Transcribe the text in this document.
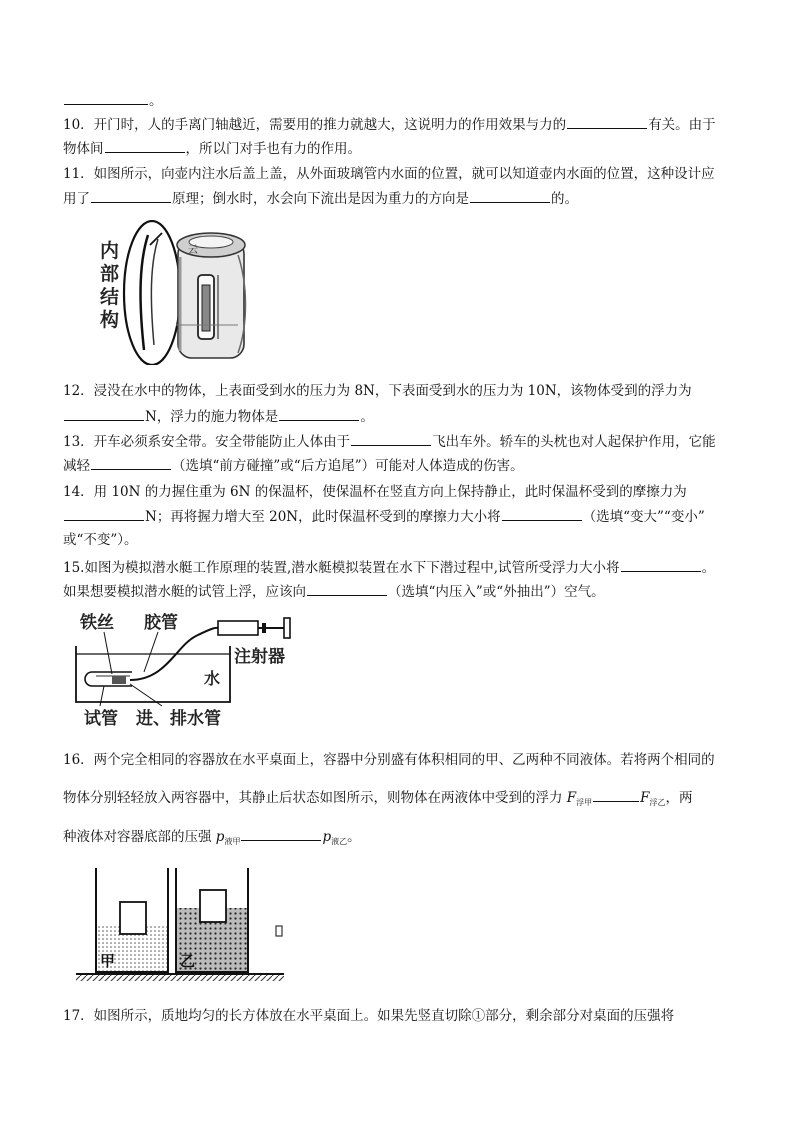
。
10．开门时，人的手离门轴越近，需要用的推力就越大，这说明力的作用效果与力的	有关。由于
物体间	，所以门对手也有力的作用。
11．如图所示，向壶内注水后盖上盖，从外面玻璃管内水面的位置，就可以知道壶内水面的位置，这种设计应
用了	原理；倒水时，水会向下流出是因为重力的方向是	的。
内
部
结
构
云
12．浸没在水中的物体，上表面受到水的压力为 8N，下表面受到水的压力为 10N，该物体受到的浮力为
N，浮力的施力物体是	。
13．开车必须系安全带。安全带能防止人体由于	飞出车外。轿车的头枕也对人起保护作用，它能
减轻	（选填“前方碰撞”或“后方追尾”）可能对人体造成的伤害。
14．用 10N 的力握住重为 6N 的保温杯，使保温杯在竖直方向上保持静止，此时保温杯受到的摩擦力为
N；再将握力增大至 20N，此时保温杯受到的摩擦力大小将	（选填“变大”“变小”
或“不变”）。
15.如图为模拟潜水艇工作原理的装置,潜水艇模拟装置在水下下潜过程中,试管所受浮力大小将	。
如果想要模拟潜水艇的试管上浮，应该向	（选填“内压入”或“外抽出”）空气。
铁丝 胶管
注射器
水
试管 进、排水管
16．两个完全相同的容器放在水平桌面上，容器中分别盛有体积相同的甲、乙两种不同液体。若将两个相同的
物体分别轻轻放入两容器中，其静止后状态如图所示，则物体在两液体中受到的浮力 $F_{浮甲}$	$F_{浮乙}$，两
种液体对容器底部的压强 $p_{液甲}$	$p_{液乙}$。
甲	乙
17．如图所示，质地均匀的长方体放在水平桌面上。如果先竖直切除①部分，剩余部分对桌面的压强将
